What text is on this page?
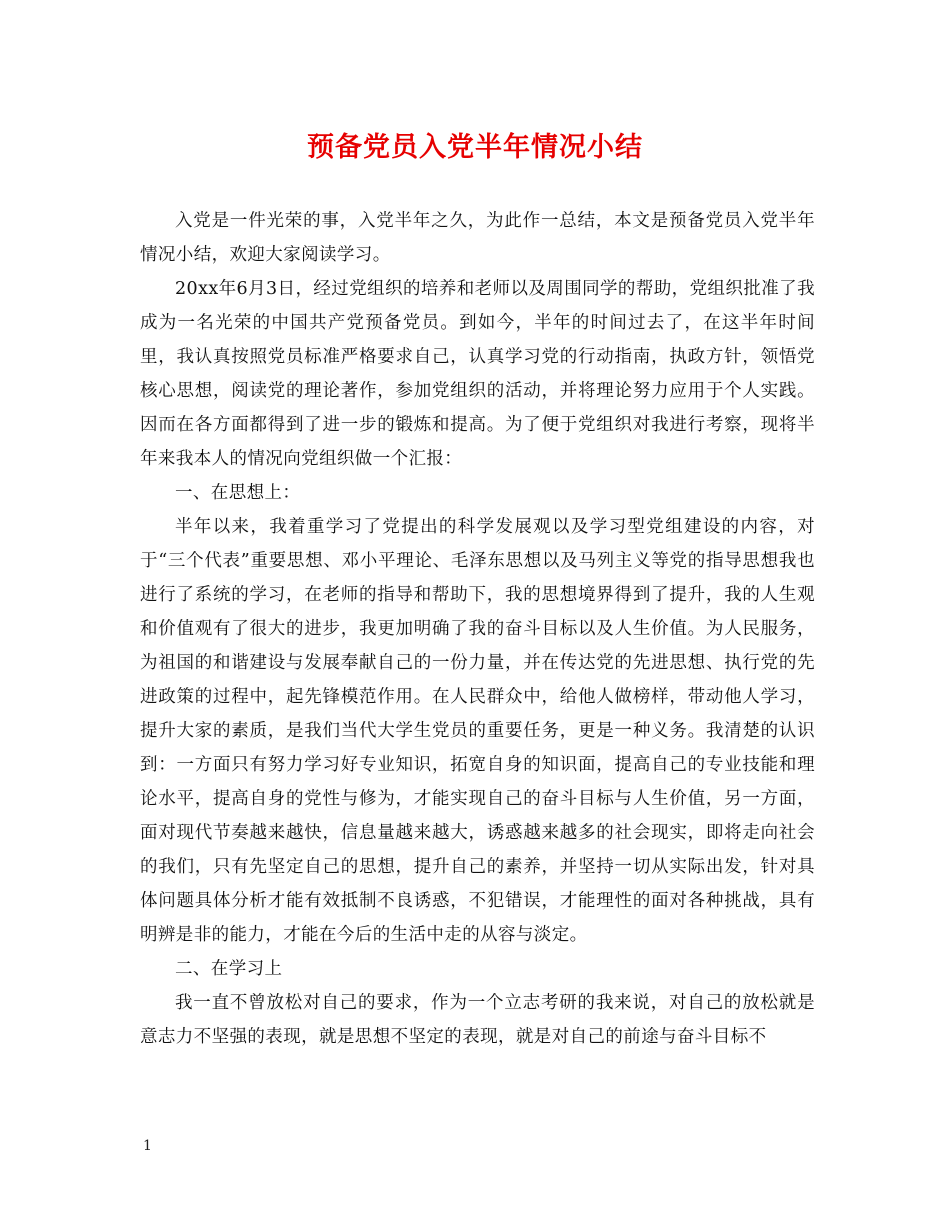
预备党员入党半年情况小结

入党是一件光荣的事，入党半年之久，为此作一总结，本文是预备党员入党半年情况小结，欢迎大家阅读学习。

20xx年6月3日，经过党组织的培养和老师以及周围同学的帮助，党组织批准了我成为一名光荣的中国共产党预备党员。到如今，半年的时间过去了，在这半年时间里，我认真按照党员标准严格要求自己，认真学习党的行动指南，执政方针，领悟党核心思想，阅读党的理论著作，参加党组织的活动，并将理论努力应用于个人实践。因而在各方面都得到了进一步的锻炼和提高。为了便于党组织对我进行考察，现将半年来我本人的情况向党组织做一个汇报：

一、在思想上：

半年以来，我着重学习了党提出的科学发展观以及学习型党组建设的内容，对于“三个代表”重要思想、邓小平理论、毛泽东思想以及马列主义等党的指导思想我也进行了系统的学习，在老师的指导和帮助下，我的思想境界得到了提升，我的人生观和价值观有了很大的进步，我更加明确了我的奋斗目标以及人生价值。为人民服务，为祖国的和谐建设与发展奉献自己的一份力量，并在传达党的先进思想、执行党的先进政策的过程中，起先锋模范作用。在人民群众中，给他人做榜样，带动他人学习，提升大家的素质，是我们当代大学生党员的重要任务，更是一种义务。我清楚的认识到：一方面只有努力学习好专业知识，拓宽自身的知识面，提高自己的专业技能和理论水平，提高自身的党性与修为，才能实现自己的奋斗目标与人生价值，另一方面，面对现代节奏越来越快，信息量越来越大，诱惑越来越多的社会现实，即将走向社会的我们，只有先坚定自己的思想，提升自己的素养，并坚持一切从实际出发，针对具体问题具体分析才能有效抵制不良诱惑，不犯错误，才能理性的面对各种挑战，具有明辨是非的能力，才能在今后的生活中走的从容与淡定。

二、在学习上

我一直不曾放松对自己的要求，作为一个立志考研的我来说，对自己的放松就是意志力不坚强的表现，就是思想不坚定的表现，就是对自己的前途与奋斗目标不

1
